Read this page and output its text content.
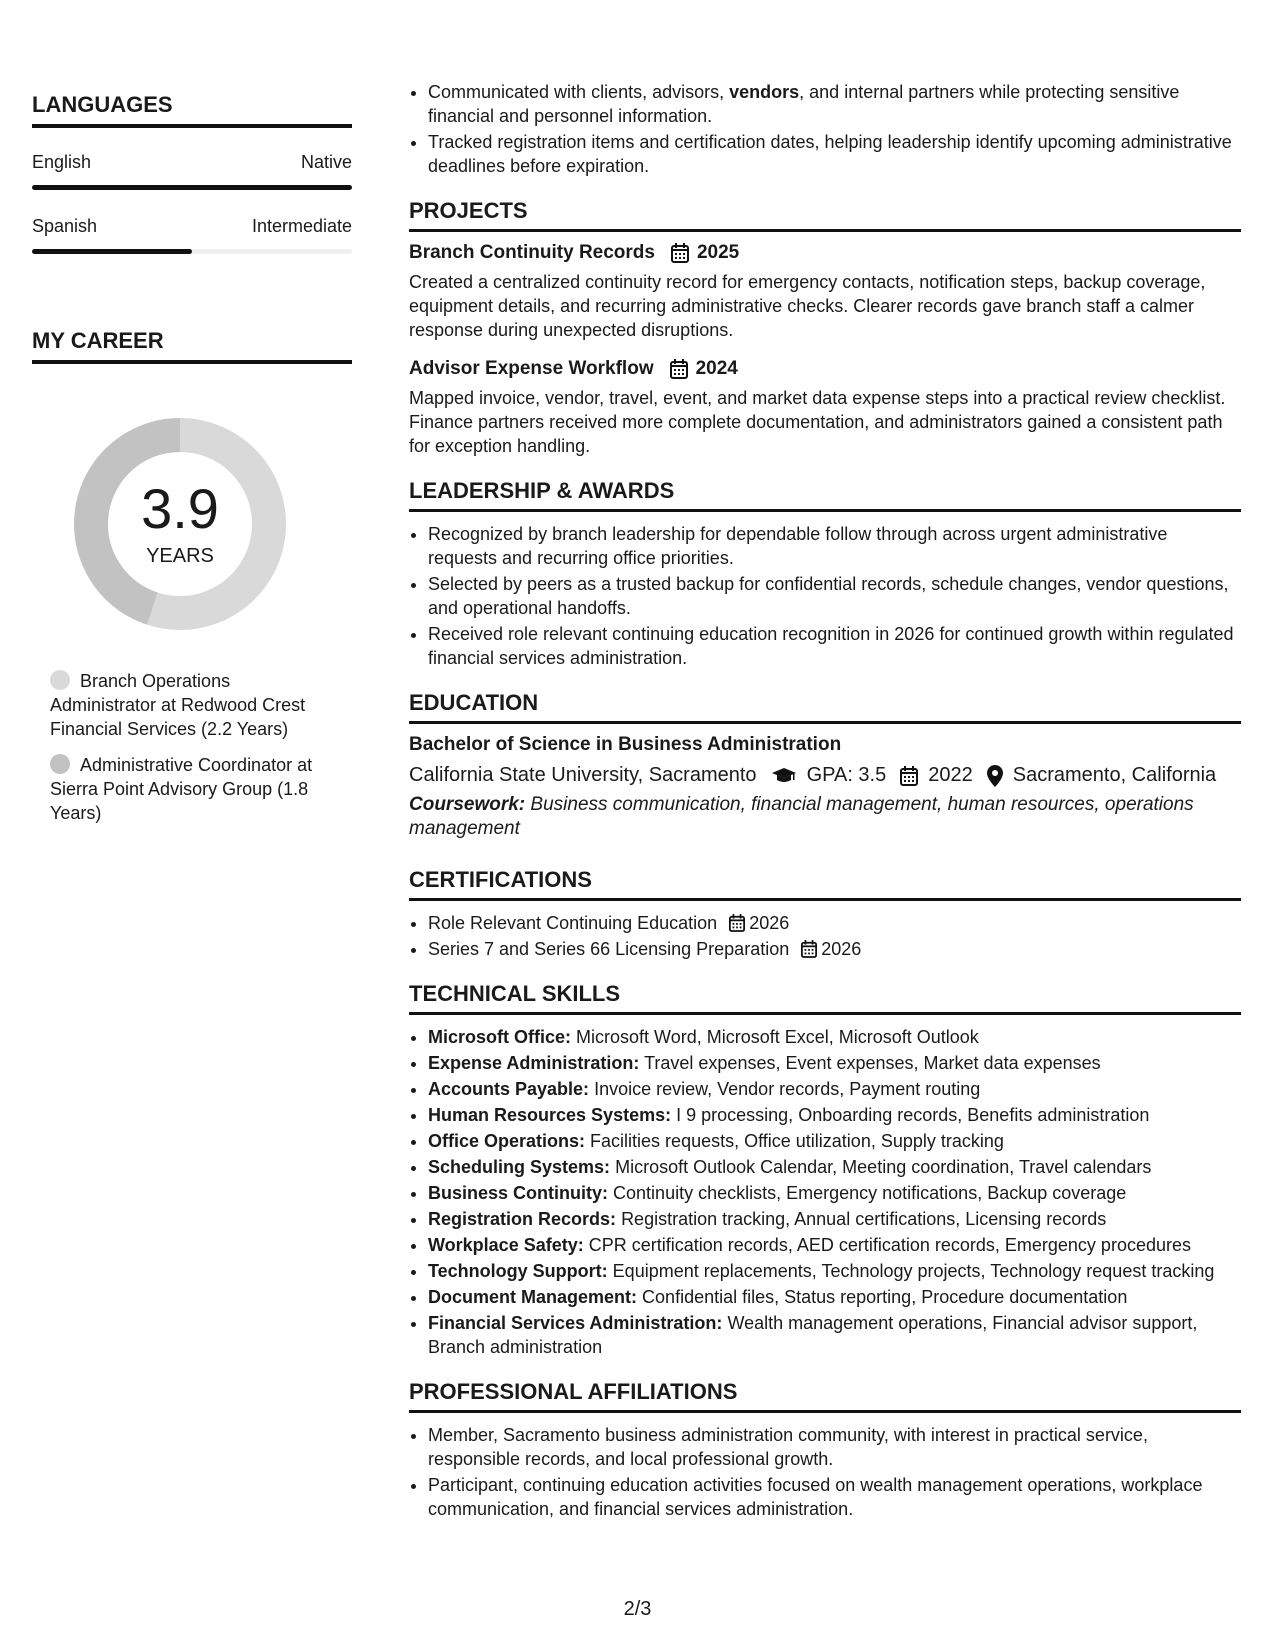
LANGUAGES
English	Native
Spanish	Intermediate
MY CAREER
3.9
YEARS
Branch Operations Administrator at Redwood Crest Financial Services (2.2 Years)
Administrative Coordinator at Sierra Point Advisory Group (1.8 Years)
• Communicated with clients, advisors, vendors, and internal partners while protecting sensitive financial and personnel information.
• Tracked registration items and certification dates, helping leadership identify upcoming administrative deadlines before expiration.
PROJECTS
Branch Continuity Records 2025

Created a centralized continuity record for emergency contacts, notification steps, backup coverage, equipment details, and recurring administrative checks. Clearer records gave branch staff a calmer response during unexpected disruptions.

Advisor Expense Workflow 2024

Mapped invoice, vendor, travel, event, and market data expense steps into a practical review checklist. Finance partners received more complete documentation, and administrators gained a consistent path for exception handling.

LEADERSHIP & AWARDS
• Recognized by branch leadership for dependable follow through across urgent administrative requests and recurring office priorities.
• Selected by peers as a trusted backup for confidential records, schedule changes, vendor questions, and operational handoffs.
• Received role relevant continuing education recognition in 2026 for continued growth within regulated financial services administration.
EDUCATION
Bachelor of Science in Business Administration
California State University, Sacramento	GPA: 3.5 2022 Sacramento, California
Coursework: Business communication, financial management, human resources, operations management
CERTIFICATIONS
• Role Relevant Continuing Education 2026
• Series 7 and Series 66 Licensing Preparation 2026
TECHNICAL SKILLS
• Microsoft Office: Microsoft Word, Microsoft Excel, Microsoft Outlook
• Expense Administration: Travel expenses, Event expenses, Market data expenses
• Accounts Payable: Invoice review, Vendor records, Payment routing
• Human Resources Systems: I 9 processing, Onboarding records, Benefits administration
• Office Operations: Facilities requests, Office utilization, Supply tracking
• Scheduling Systems: Microsoft Outlook Calendar, Meeting coordination, Travel calendars
• Business Continuity: Continuity checklists, Emergency notifications, Backup coverage
• Registration Records: Registration tracking, Annual certifications, Licensing records
• Workplace Safety: CPR certification records, AED certification records, Emergency procedures
• Technology Support: Equipment replacements, Technology projects, Technology request tracking
• Document Management: Confidential files, Status reporting, Procedure documentation
• Financial Services Administration: Wealth management operations, Financial advisor support, Branch administration
PROFESSIONAL AFFILIATIONS
• Member, Sacramento business administration community, with interest in practical service, responsible records, and local professional growth.
• Participant, continuing education activities focused on wealth management operations, workplace communication, and financial services administration.
2/3
